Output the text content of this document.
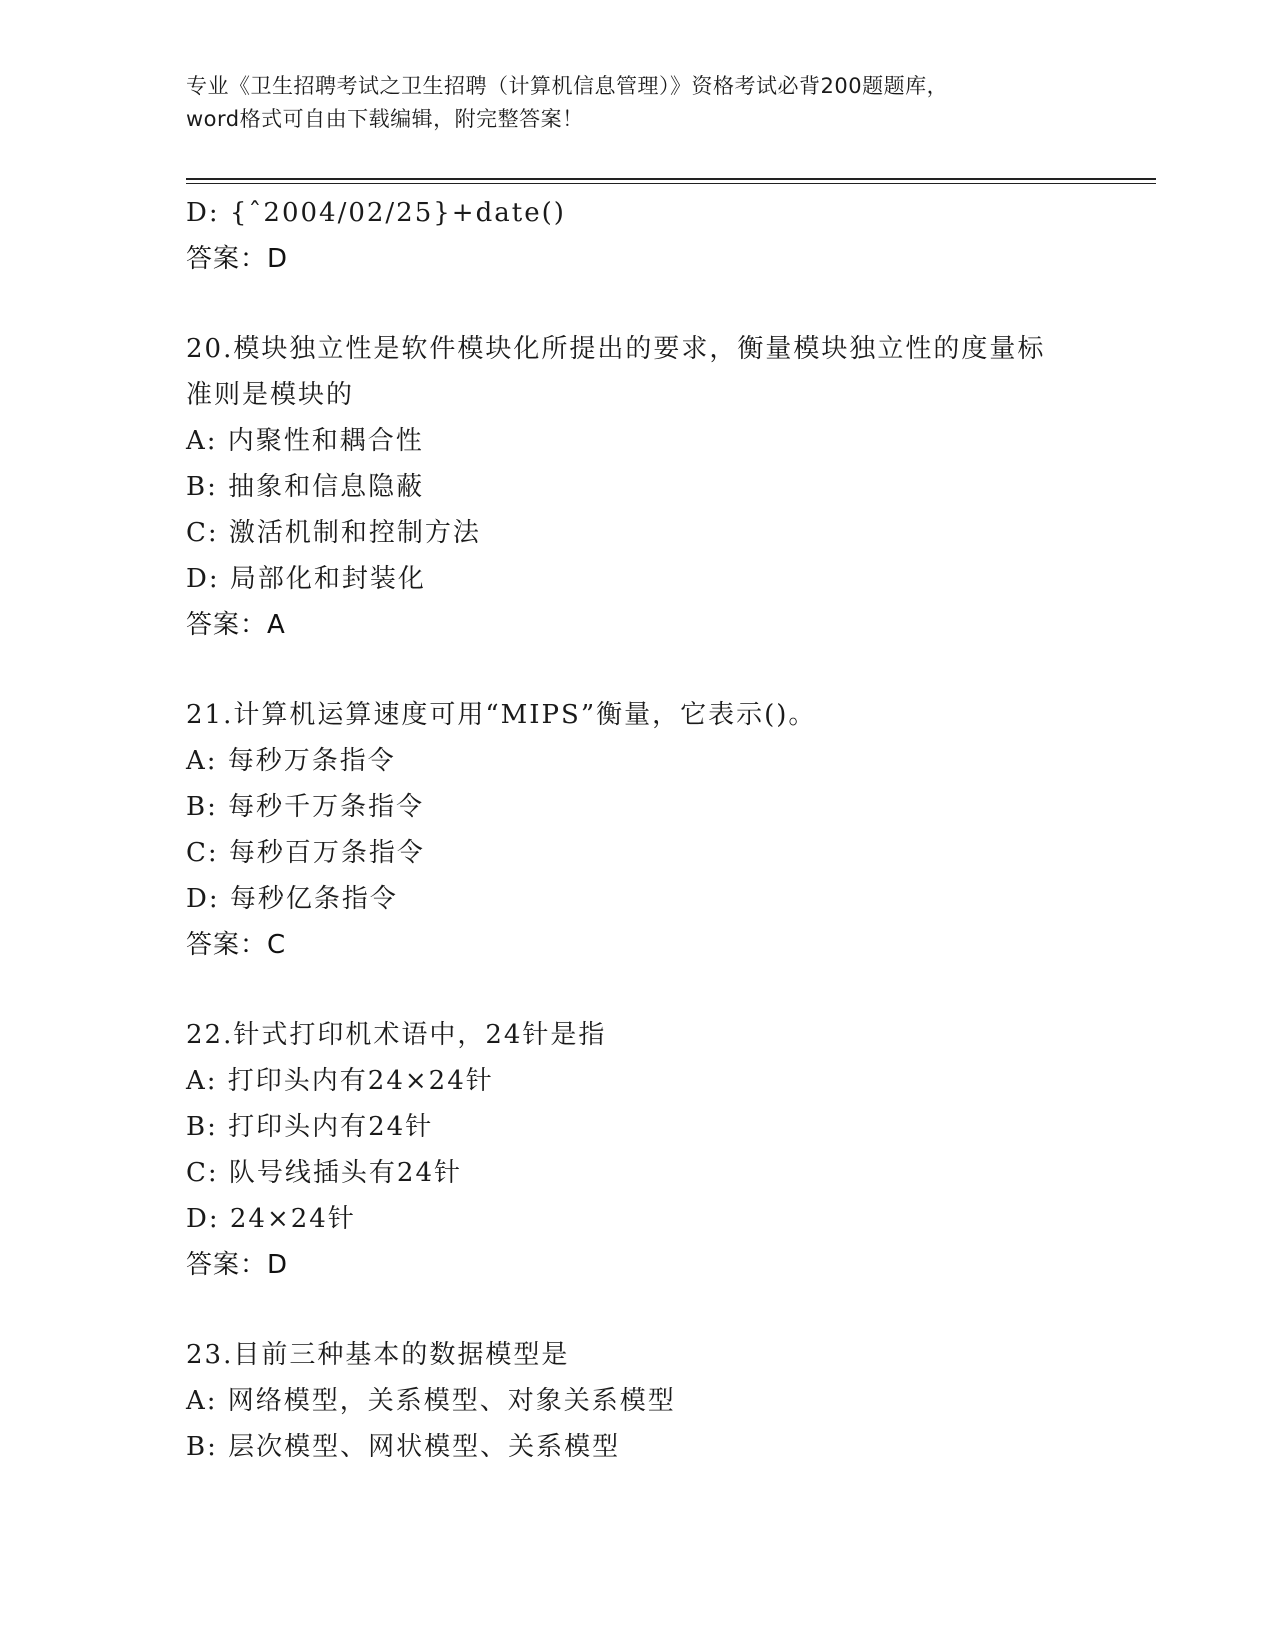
专业《卫生招聘考试之卫生招聘（计算机信息管理）》资格考试必背200题题库，
word格式可自由下载编辑，附完整答案！
D: {ˆ2004/02/25}+date()
答案：D
20.模块独立性是软件模块化所提出的要求，衡量模块独立性的度量标
准则是模块的
A: 内聚性和耦合性
B: 抽象和信息隐蔽
C: 激活机制和控制方法
D: 局部化和封装化
答案：A
21.计算机运算速度可用“MIPS”衡量，它表示()。
A: 每秒万条指令
B: 每秒千万条指令
C: 每秒百万条指令
D: 每秒亿条指令
答案：C
22.针式打印机术语中，24针是指
A: 打印头内有24×24针
B: 打印头内有24针
C: 队号线插头有24针
D: 24×24针
答案：D
23.目前三种基本的数据模型是
A: 网络模型，关系模型、对象关系模型
B: 层次模型、网状模型、关系模型
